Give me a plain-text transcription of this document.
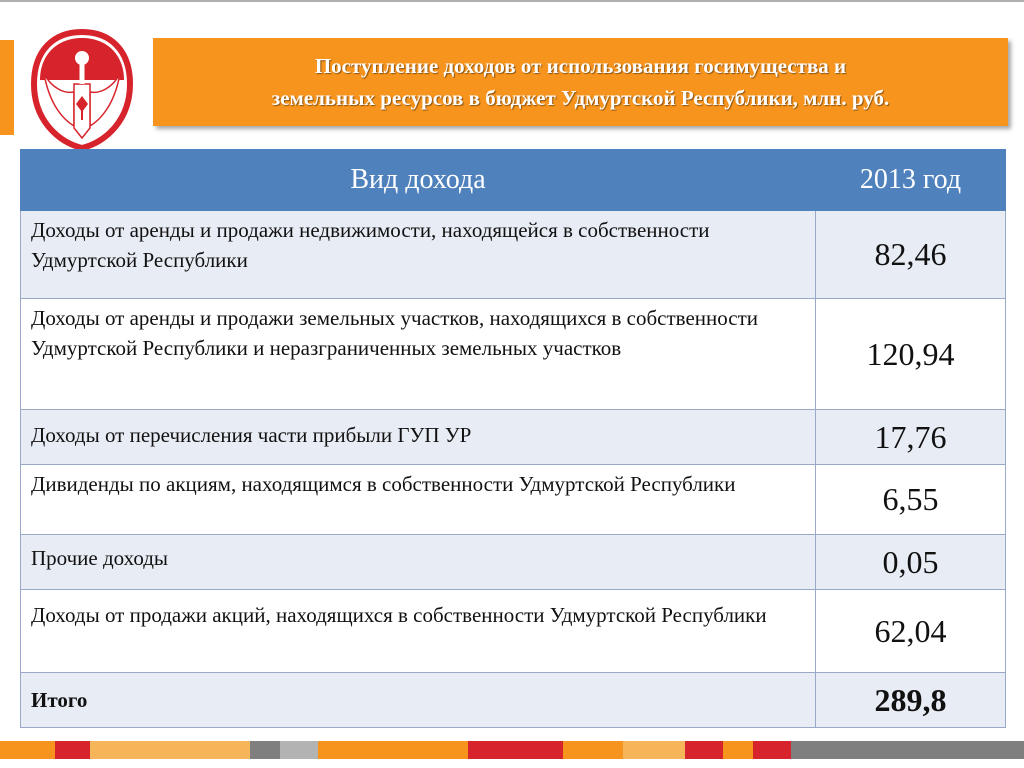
Поступление доходов от использования госимущества и
земельных ресурсов в бюджет Удмуртской Республики, млн. руб.
Вид дохода	2013 год
Доходы от аренды и продажи недвижимости, находящейся в собственности Удмуртской Республики	82,46
Доходы от аренды и продажи земельных участков, находящихся в собственности Удмуртской Республики и неразграниченных земельных участков	120,94
Доходы от перечисления части прибыли ГУП УР	17,76
Дивиденды по акциям, находящимся в собственности Удмуртской Республики	6,55
Прочие доходы	0,05
Доходы от продажи акций, находящихся в собственности Удмуртской Республики	62,04
Итого	289,8
